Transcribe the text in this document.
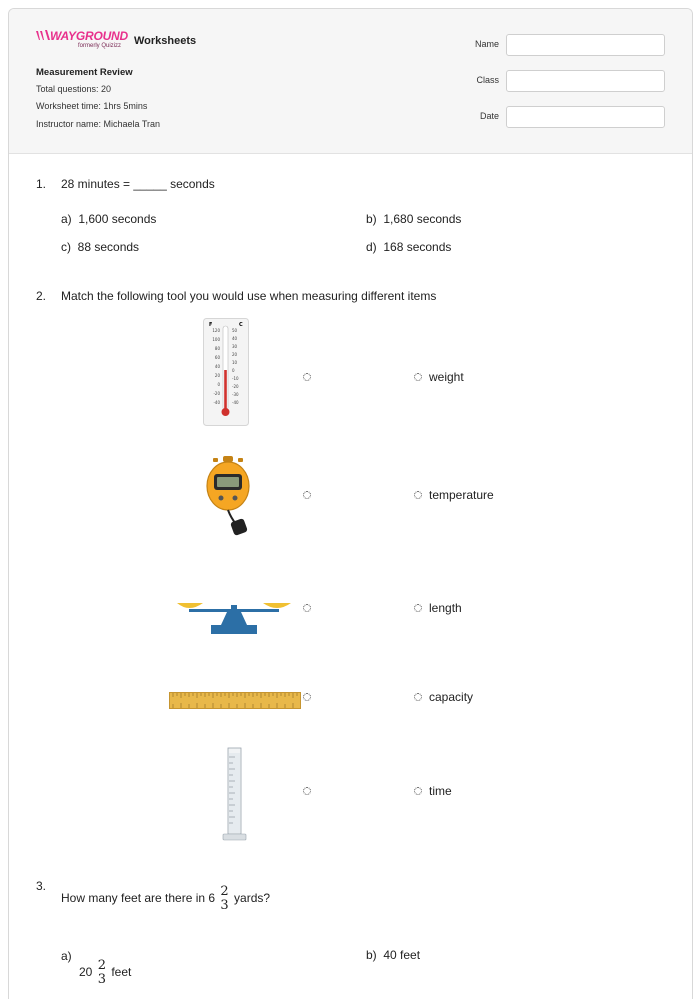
WAYGROUND
formerly Quizizz Worksheets
Measurement Review
Total questions: 20
Worksheet time: 1hrs 5mins
Instructor name: Michaela Tran
Name
Class
Date
1. 28 minutes = _____ seconds
a) 1,600 seconds	b) 1,680 seconds
c) 88 seconds	d) 168 seconds
2. Match the following tool you would use when measuring different items
F	C
120
100
80
60
40
20
0
-20
-40
50
40
30
20
10
0
-10
-20
-30
-40
weight
temperature
length
capacity
time
3.
How many feet are there in 6 2
3 yards?
a)
20 2
3 feet
b) 40 feet
